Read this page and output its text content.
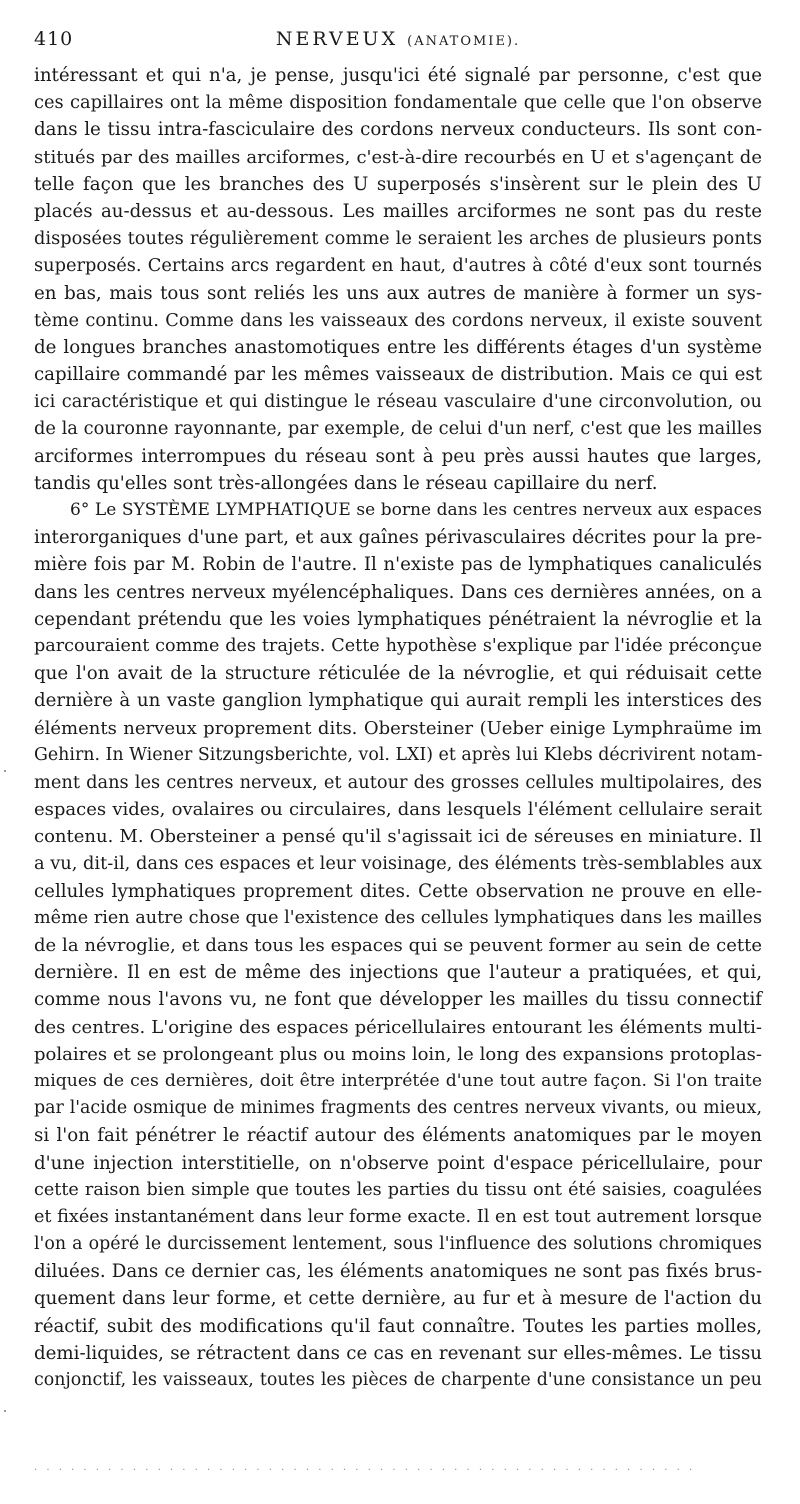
410	NERVEUX (ANATOMIE).
intéressant et qui n'a, je pense, jusqu'ici été signalé par personne, c'est que
ces capillaires ont la même disposition fondamentale que celle que l'on observe
dans le tissu intra-fasciculaire des cordons nerveux conducteurs. Ils sont con-
stitués par des mailles arciformes, c'est-à-dire recourbés en U et s'agençant de
telle façon que les branches des U superposés s'insèrent sur le plein des U
placés au-dessus et au-dessous. Les mailles arciformes ne sont pas du reste
disposées toutes régulièrement comme le seraient les arches de plusieurs ponts
superposés. Certains arcs regardent en haut, d'autres à côté d'eux sont tournés
en bas, mais tous sont reliés les uns aux autres de manière à former un sys-
tème continu. Comme dans les vaisseaux des cordons nerveux, il existe souvent
de longues branches anastomotiques entre les différents étages d'un système
capillaire commandé par les mêmes vaisseaux de distribution. Mais ce qui est
ici caractéristique et qui distingue le réseau vasculaire d'une circonvolution, ou
de la couronne rayonnante, par exemple, de celui d'un nerf, c'est que les mailles
arciformes interrompues du réseau sont à peu près aussi hautes que larges,
tandis qu'elles sont très-allongées dans le réseau capillaire du nerf.
6° Le SYSTÈME LYMPHATIQUE se borne dans les centres nerveux aux espaces
interorganiques d'une part, et aux gaînes périvasculaires décrites pour la pre-
mière fois par M. Robin de l'autre. Il n'existe pas de lymphatiques canaliculés
dans les centres nerveux myélencéphaliques. Dans ces dernières années, on a
cependant prétendu que les voies lymphatiques pénétraient la névroglie et la
parcouraient comme des trajets. Cette hypothèse s'explique par l'idée préconçue
que l'on avait de la structure réticulée de la névroglie, et qui réduisait cette
dernière à un vaste ganglion lymphatique qui aurait rempli les interstices des
éléments nerveux proprement dits. Obersteiner (Ueber einige Lymphraüme im
Gehirn. In Wiener Sitzungsberichte, vol. LXI) et après lui Klebs décrivirent notam-
ment dans les centres nerveux, et autour des grosses cellules multipolaires, des
espaces vides, ovalaires ou circulaires, dans lesquels l'élément cellulaire serait
contenu. M. Obersteiner a pensé qu'il s'agissait ici de séreuses en miniature. Il
a vu, dit-il, dans ces espaces et leur voisinage, des éléments très-semblables aux
cellules lymphatiques proprement dites. Cette observation ne prouve en elle-
même rien autre chose que l'existence des cellules lymphatiques dans les mailles
de la névroglie, et dans tous les espaces qui se peuvent former au sein de cette
dernière. Il en est de même des injections que l'auteur a pratiquées, et qui,
comme nous l'avons vu, ne font que développer les mailles du tissu connectif
des centres. L'origine des espaces péricellulaires entourant les éléments multi-
polaires et se prolongeant plus ou moins loin, le long des expansions protoplas-
miques de ces dernières, doit être interprétée d'une tout autre façon. Si l'on traite
par l'acide osmique de minimes fragments des centres nerveux vivants, ou mieux,
si l'on fait pénétrer le réactif autour des éléments anatomiques par le moyen
d'une injection interstitielle, on n'observe point d'espace péricellulaire, pour
cette raison bien simple que toutes les parties du tissu ont été saisies, coagulées
et fixées instantanément dans leur forme exacte. Il en est tout autrement lorsque
l'on a opéré le durcissement lentement, sous l'influence des solutions chromiques
diluées. Dans ce dernier cas, les éléments anatomiques ne sont pas fixés brus-
quement dans leur forme, et cette dernière, au fur et à mesure de l'action du
réactif, subit des modifications qu'il faut connaître. Toutes les parties molles,
demi-liquides, se rétractent dans ce cas en revenant sur elles-mêmes. Le tissu
conjonctif, les vaisseaux, toutes les pièces de charpente d'une consistance un peu
. . . . . . . . . . . . . . . . . . . . . . . . . . . . . . . . . . . . . . . . . . . . . . . . . . . . . .
